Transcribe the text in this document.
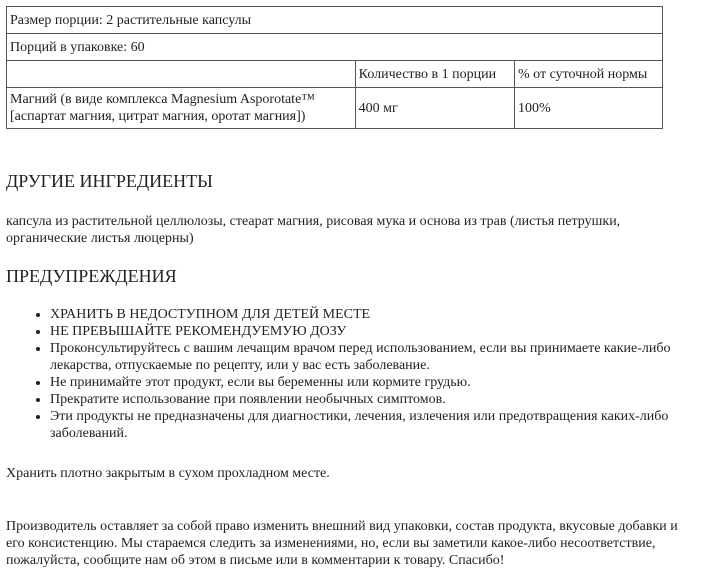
Размер порции: 2 растительные капсулы		
Порций в упаковке: 60		
	Количество в 1 порции	% от суточной нормы
Магний (в виде комплекса Magnesium Asporotate™
[аспартат магния, цитрат магния, оротат магния])	400 мг	100%
ДРУГИЕ ИНГРЕДИЕНТЫ

капсула из растительной целлюлозы, стеарат магния, рисовая мука и основа из трав (листья петрушки, органические листья люцерны)

ПРЕДУПРЕЖДЕНИЯ
• ХРАНИТЬ В НЕДОСТУПНОМ ДЛЯ ДЕТЕЙ МЕСТЕ
• НЕ ПРЕВЫШАЙТЕ РЕКОМЕНДУЕМУЮ ДОЗУ
• Проконсультируйтесь с вашим лечащим врачом перед использованием, если вы принимаете какие-либо лекарства, отпускаемые по рецепту, или у вас есть заболевание.
• Не принимайте этот продукт, если вы беременны или кормите грудью.
• Прекратите использование при появлении необычных симптомов.
• Эти продукты не предназначены для диагностики, лечения, излечения или предотвращения каких-либо заболеваний.

Хранить плотно закрытым в сухом прохладном месте.

Производитель оставляет за собой право изменить внешний вид упаковки, состав продукта, вкусовые добавки и его консистенцию. Мы стараемся следить за изменениями, но, если вы заметили какое-либо несоответствие, пожалуйста, сообщите нам об этом в письме или в комментарии к товару. Спасибо!
